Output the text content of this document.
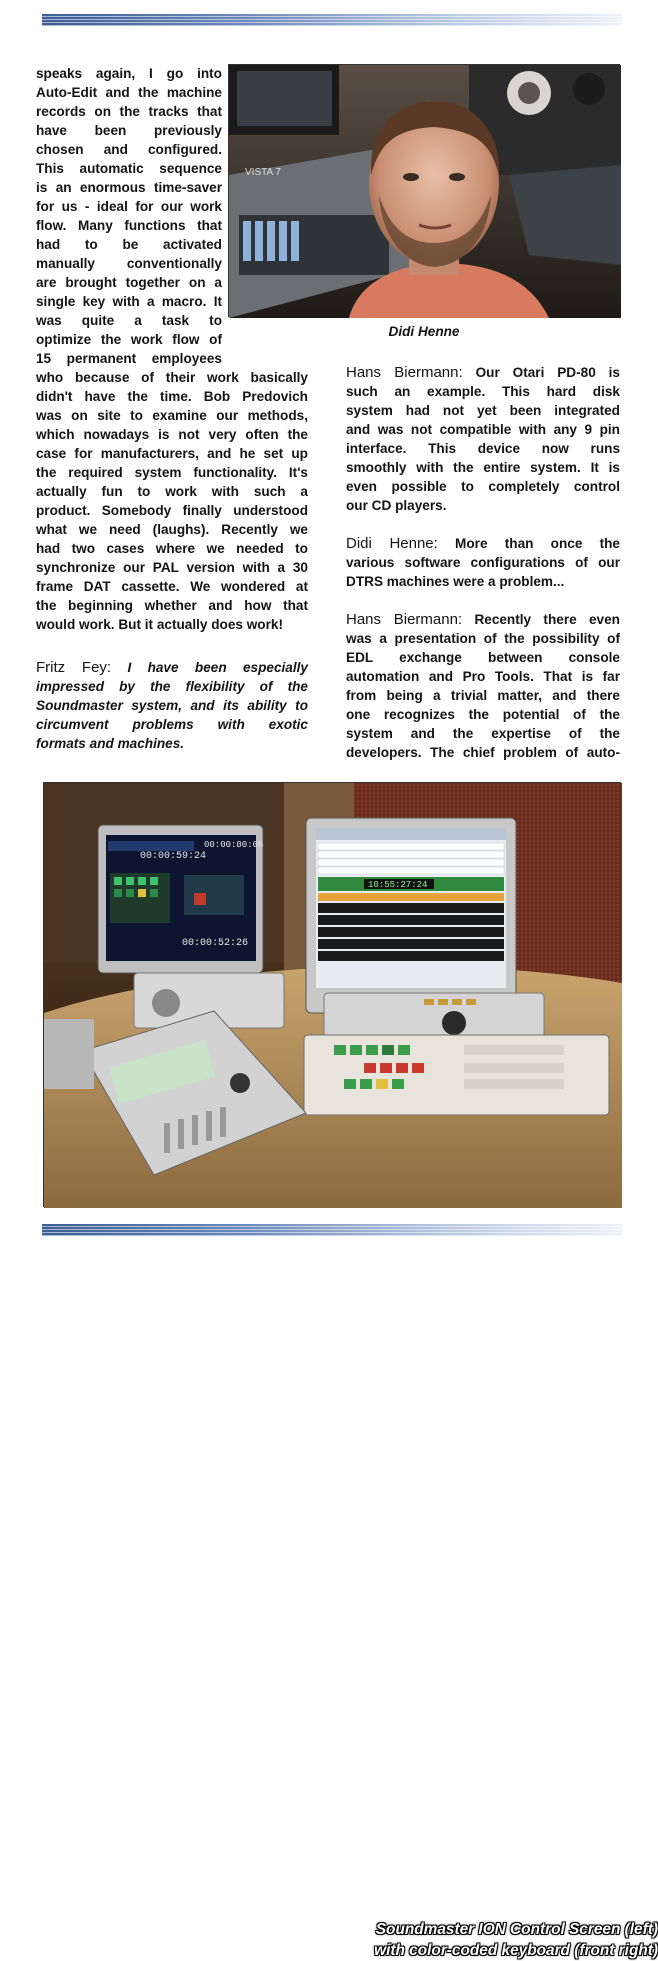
speaks again, I go into
Auto-Edit and the machine
records on the tracks that
have been previously
chosen and configured.
This automatic sequence
is an enormous time-saver
for us - ideal for our work
flow. Many functions that
had to be activated
manually conventionally
are brought together on a
single key with a macro. It
was quite a task to
optimize the work flow of
15 permanent employees
VISTA 7
Didi Henne
who because of their work basically
didn't have the time. Bob Predovich
was on site to examine our methods,
which nowadays is not very often the
case for manufacturers, and he set up
the required system functionality. It's
actually fun to work with such a
product. Somebody finally understood
what we need (laughs). Recently we
had two cases where we needed to
synchronize our PAL version with a 30
frame DAT cassette. We wondered at
the beginning whether and how that
would work. But it actually does work!
Fritz Fey: I have been especially
impressed by the flexibility of the
Soundmaster system, and its ability to
circumvent problems with exotic
formats and machines.
Hans Biermann: Our Otari PD-80 is
such an example. This hard disk
system had not yet been integrated
and was not compatible with any 9 pin
interface. This device now runs
smoothly with the entire system. It is
even possible to completely control
our CD players.
Didi Henne: More than once the
various software configurations of our
DTRS machines were a problem...
Hans Biermann: Recently there even
was a presentation of the possibility of
EDL exchange between console
automation and Pro Tools. That is far
from being a trivial matter, and there
one recognizes the potential of the
system and the expertise of the
developers. The chief problem of auto-
00:00:59:24
00:00:00:06
00:00:52:26
10:55:27:24
Soundmaster ION Control Screen (left)
with color-coded keyboard (front right)
